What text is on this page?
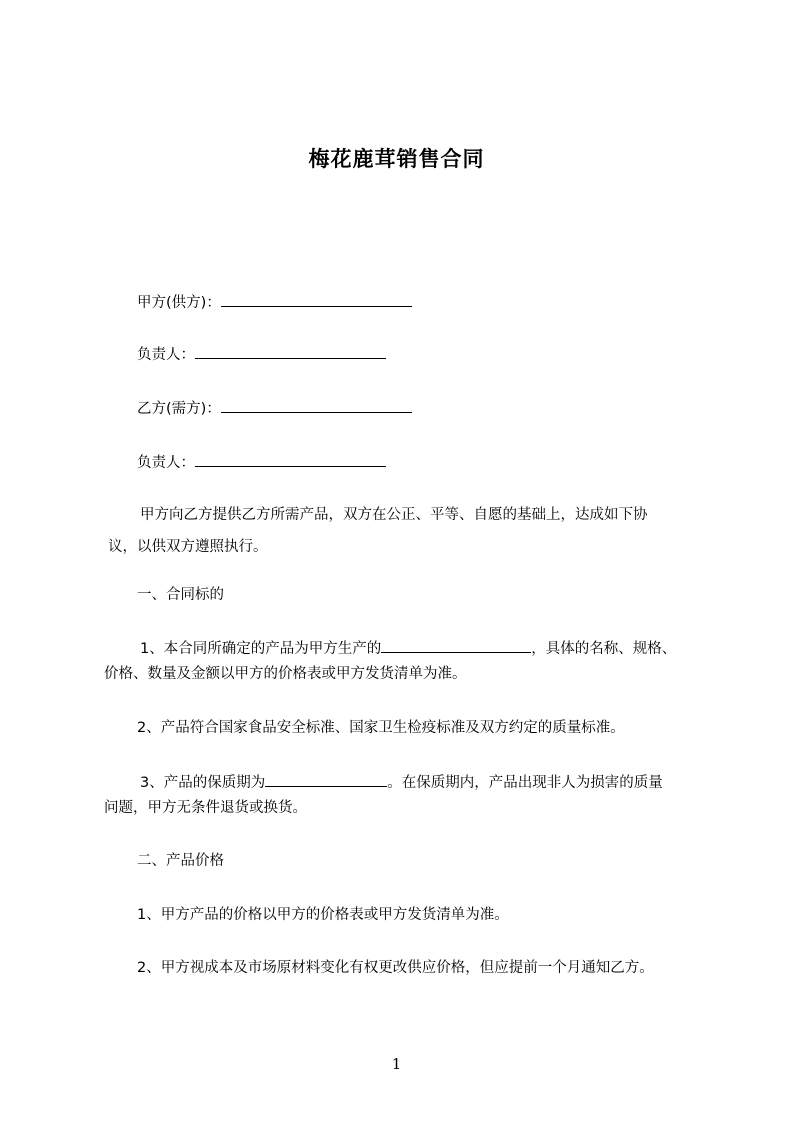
梅花鹿茸销售合同
甲方(供方)：
负责人：
乙方(需方)：
负责人：
甲方向乙方提供乙方所需产品，双方在公正、平等、自愿的基础上，达成如下协
议，以供双方遵照执行。
一、合同标的
1、本合同所确定的产品为甲方生产的	，具体的名称、规格、
价格、数量及金额以甲方的价格表或甲方发货清单为准。
2、产品符合国家食品安全标准、国家卫生检疫标准及双方约定的质量标准。
3、产品的保质期为	。在保质期内，产品出现非人为损害的质量
问题，甲方无条件退货或换货。
二、产品价格
1、甲方产品的价格以甲方的价格表或甲方发货清单为准。
2、甲方视成本及市场原材料变化有权更改供应价格，但应提前一个月通知乙方。
1
